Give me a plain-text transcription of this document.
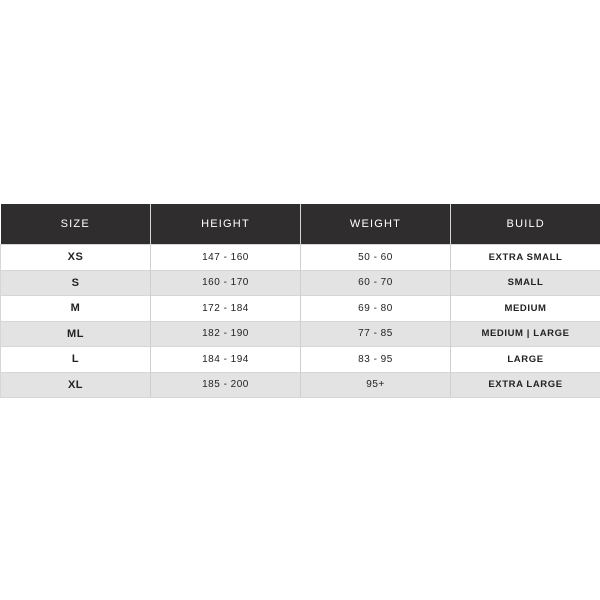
SIZE	HEIGHT	WEIGHT	BUILD
XS	147 - 160	50 - 60	EXTRA SMALL
S	160 - 170	60 - 70	SMALL
M	172 - 184	69 - 80	MEDIUM
ML	182 - 190	77 - 85	MEDIUM | LARGE
L	184 - 194	83 - 95	LARGE
XL	185 - 200	95+	EXTRA LARGE
